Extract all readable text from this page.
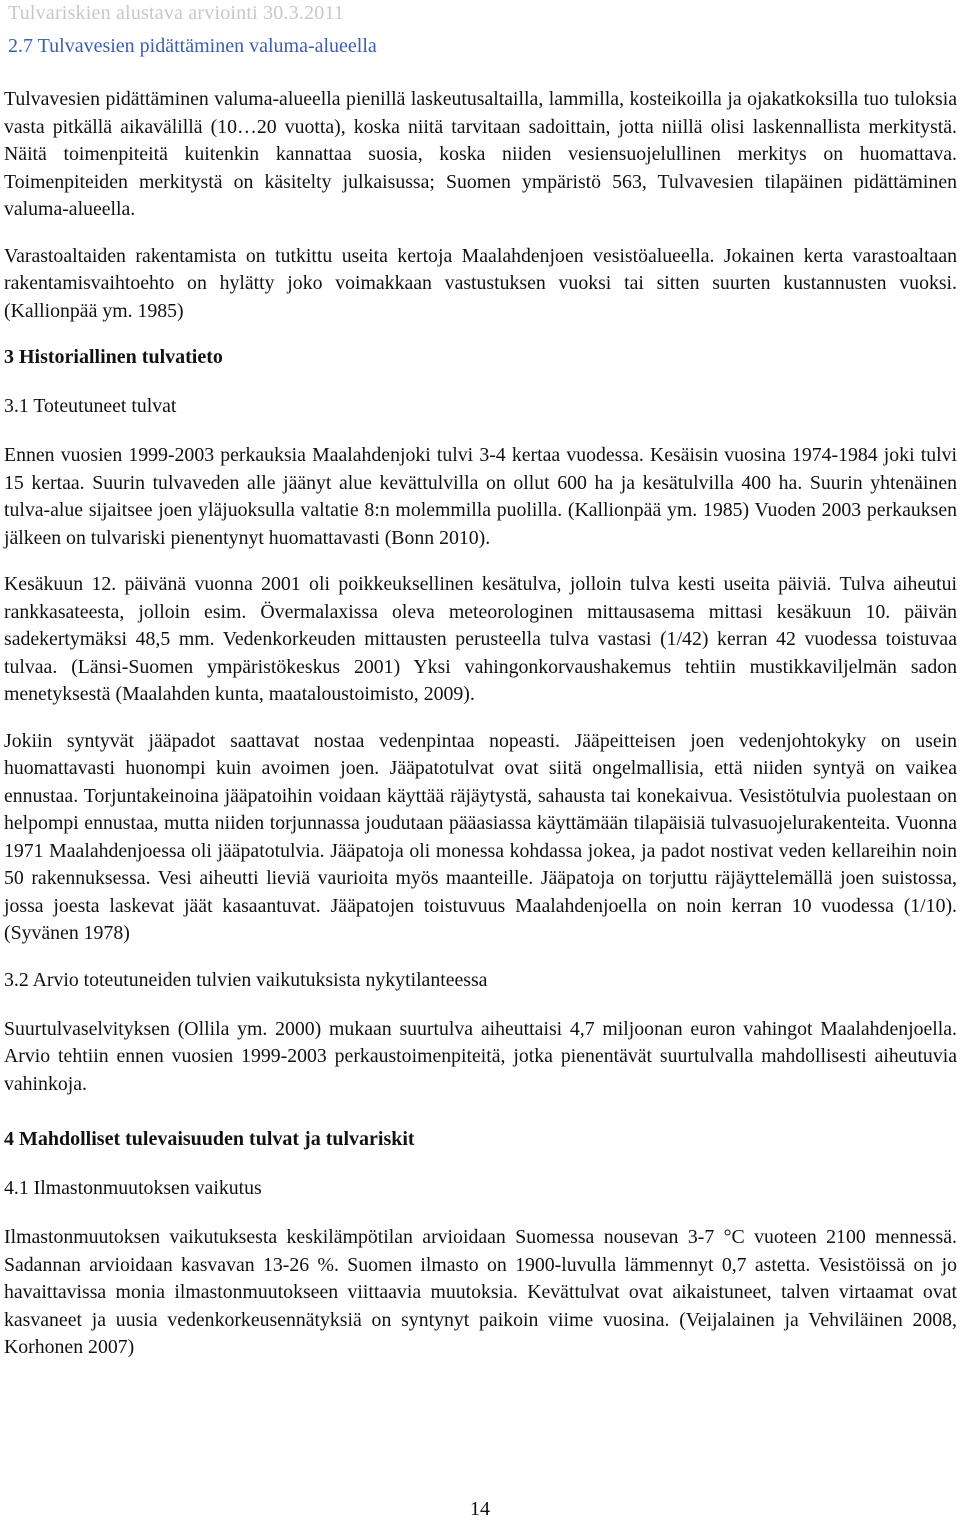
Tulvariskien alustava arviointi 30.3.2011
2.7 Tulvavesien pidättäminen valuma-alueella

Tulvavesien pidättäminen valuma-alueella pienillä laskeutusaltailla, lammilla, kosteikoilla ja ojakatkoksilla tuo tuloksia vasta pitkällä aikavälillä (10…20 vuotta), koska niitä tarvitaan sadoittain, jotta niillä olisi laskennallista merkitystä. Näitä toimenpiteitä kuitenkin kannattaa suosia, koska niiden vesiensuojelullinen merkitys on huomattava. Toimenpiteiden merkitystä on käsitelty julkaisussa; Suomen ympäristö 563, Tulvavesien tilapäinen pidättäminen valuma-alueella.

Varastoaltaiden rakentamista on tutkittu useita kertoja Maalahdenjoen vesistöalueella. Jokainen kerta varastoaltaan rakentamisvaihtoehto on hylätty joko voimakkaan vastustuksen vuoksi tai sitten suurten kustannusten vuoksi. (Kallionpää ym. 1985)

3 Historiallinen tulvatieto
3.1 Toteutuneet tulvat

Ennen vuosien 1999-2003 perkauksia Maalahdenjoki tulvi 3-4 kertaa vuodessa. Kesäisin vuosina 1974-1984 joki tulvi 15 kertaa. Suurin tulvaveden alle jäänyt alue kevättulvilla on ollut 600 ha ja kesätulvilla 400 ha. Suurin yhtenäinen tulva-alue sijaitsee joen yläjuoksulla valtatie 8:n molemmilla puolilla. (Kallionpää ym. 1985) Vuoden 2003 perkauksen jälkeen on tulvariski pienentynyt huomattavasti (Bonn 2010).

Kesäkuun 12. päivänä vuonna 2001 oli poikkeuksellinen kesätulva, jolloin tulva kesti useita päiviä. Tulva aiheutui rankkasateesta, jolloin esim. Övermalaxissa oleva meteorologinen mittausasema mittasi kesäkuun 10. päivän sadekertymäksi 48,5 mm. Vedenkorkeuden mittausten perusteella tulva vastasi (1/42) kerran 42 vuodessa toistuvaa tulvaa. (Länsi-Suomen ympäristökeskus 2001) Yksi vahingonkorvaushakemus tehtiin mustikkaviljelmän sadon menetyksestä (Maalahden kunta, maataloustoimisto, 2009).

Jokiin syntyvät jääpadot saattavat nostaa vedenpintaa nopeasti. Jääpeitteisen joen vedenjohtokyky on usein huomattavasti huonompi kuin avoimen joen. Jääpatotulvat ovat siitä ongelmallisia, että niiden syntyä on vaikea ennustaa. Torjuntakeinoina jääpatoihin voidaan käyttää räjäytystä, sahausta tai konekaivua. Vesistötulvia puolestaan on helpompi ennustaa, mutta niiden torjunnassa joudutaan pääasiassa käyttämään tilapäisiä tulvasuojelurakenteita. Vuonna 1971 Maalahdenjoessa oli jääpatotulvia. Jääpatoja oli monessa kohdassa jokea, ja padot nostivat veden kellareihin noin 50 rakennuksessa. Vesi aiheutti lieviä vaurioita myös maanteille. Jääpatoja on torjuttu räjäyttelemällä joen suistossa, jossa joesta laskevat jäät kasaantuvat. Jääpatojen toistuvuus Maalahdenjoella on noin kerran 10 vuodessa (1/10). (Syvänen 1978)

3.2 Arvio toteutuneiden tulvien vaikutuksista nykytilanteessa

Suurtulvaselvityksen (Ollila ym. 2000) mukaan suurtulva aiheuttaisi 4,7 miljoonan euron vahingot Maalahdenjoella. Arvio tehtiin ennen vuosien 1999-2003 perkaustoimenpiteitä, jotka pienentävät suurtulvalla mahdollisesti aiheutuvia vahinkoja.

4 Mahdolliset tulevaisuuden tulvat ja tulvariskit
4.1 Ilmastonmuutoksen vaikutus

Ilmastonmuutoksen vaikutuksesta keskilämpötilan arvioidaan Suomessa nousevan 3-7 °C vuoteen 2100 mennessä. Sadannan arvioidaan kasvavan 13-26 %. Suomen ilmasto on 1900-luvulla lämmennyt 0,7 astetta. Vesistöissä on jo havaittavissa monia ilmastonmuutokseen viittaavia muutoksia. Kevättulvat ovat aikaistuneet, talven virtaamat ovat kasvaneet ja uusia vedenkorkeusennätyksiä on syntynyt paikoin viime vuosina. (Veijalainen ja Vehviläinen 2008, Korhonen 2007)

14
